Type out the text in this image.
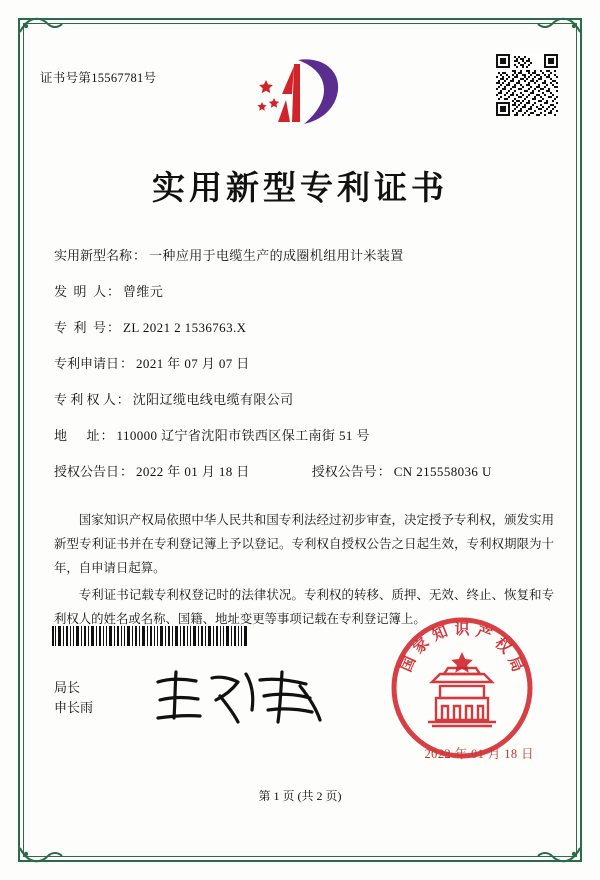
证书号第15567781号
实用新型专利证书
实用新型名称 ： 一种应用于电缆生产的成圈机组用计米装置
发  明  人 ： 曾维元
专  利  号 ： ZL 2021 2 1536763.X
专利申请日 ： 2021 年 07 月 07 日
专 利 权 人 ： 沈阳辽缆电线电缆有限公司
地      址 ： 110000 辽宁省沈阳市铁西区保工南街 51 号
授权公告日 ： 2022 年 01 月 18 日	授权公告号 ： CN 215558036 U

国家知识产权局依照中华人民共和国专利法经过初步审查，决定授予专利权，颁发实用新型专利证书并在专利登记簿上予以登记。专利权自授权公告之日起生效，专利权期限为十年，自申请日起算。

专利证书记载专利权登记时的法律状况。专利权的转移、质押、无效、终止、恢复和专利权人的姓名或名称、国籍、地址变更等事项记载在专利登记簿上。

局长
申长雨
国
家
知 识 产
权
局
2022 年 01 月 18 日
第 1 页 (共 2 页)
